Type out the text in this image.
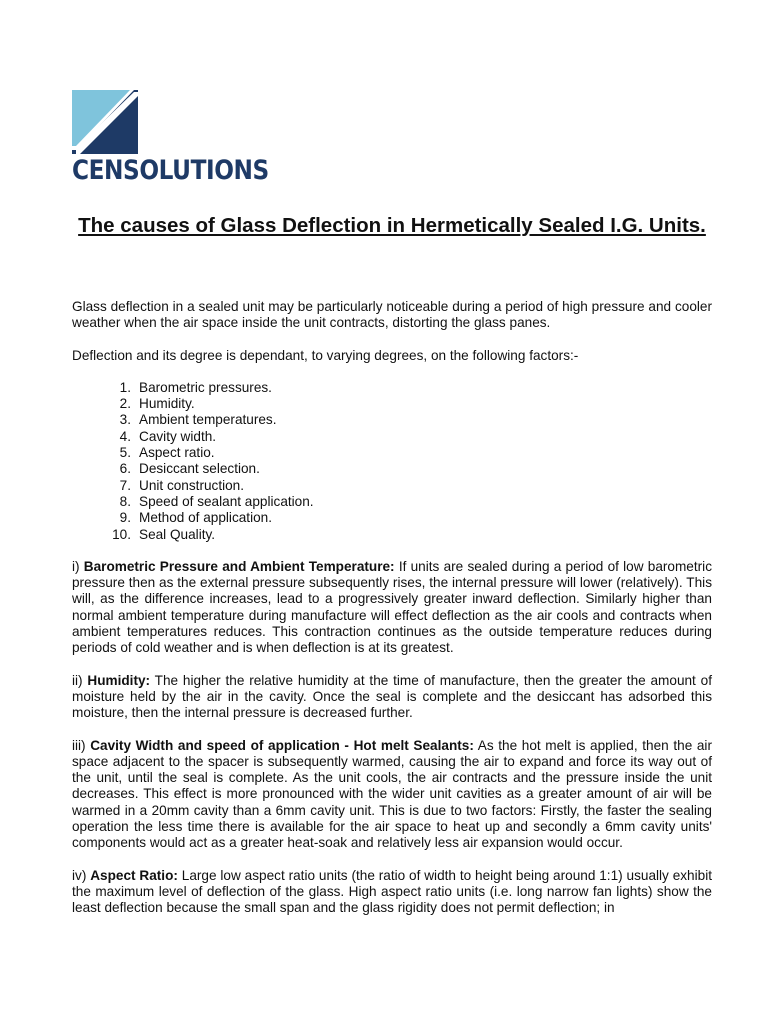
CENSOLUTIONS
The causes of Glass Deflection in Hermetically Sealed I.G. Units.

Glass deflection in a sealed unit may be particularly noticeable during a period of high pressure and cooler weather when the air space inside the unit contracts, distorting the glass panes.

Deflection and its degree is dependant, to varying degrees, on the following factors:-

1. Barometric pressures.
2. Humidity.
3. Ambient temperatures.
4. Cavity width.
5. Aspect ratio.
6. Desiccant selection.
7. Unit construction.
8. Speed of sealant application.
9. Method of application.
10. Seal Quality.

i) Barometric Pressure and Ambient Temperature: If units are sealed during a period of low barometric pressure then as the external pressure subsequently rises, the internal pressure will lower (relatively). This will, as the difference increases, lead to a progressively greater inward deflection. Similarly higher than normal ambient temperature during manufacture will effect deflection as the air cools and contracts when ambient temperatures reduces. This contraction continues as the outside temperature reduces during periods of cold weather and is when deflection is at its greatest.

ii) Humidity: The higher the relative humidity at the time of manufacture, then the greater the amount of moisture held by the air in the cavity. Once the seal is complete and the desiccant has adsorbed this moisture, then the internal pressure is decreased further.

iii) Cavity Width and speed of application - Hot melt Sealants: As the hot melt is applied, then the air space adjacent to the spacer is subsequently warmed, causing the air to expand and force its way out of the unit, until the seal is complete. As the unit cools, the air contracts and the pressure inside the unit decreases. This effect is more pronounced with the wider unit cavities as a greater amount of air will be warmed in a 20mm cavity than a 6mm cavity unit. This is due to two factors: Firstly, the faster the sealing operation the less time there is available for the air space to heat up and secondly a 6mm cavity units' components would act as a greater heat-soak and relatively less air expansion would occur.

iv) Aspect Ratio: Large low aspect ratio units (the ratio of width to height being around 1:1) usually exhibit the maximum level of deflection of the glass. High aspect ratio units (i.e. long narrow fan lights) show the least deflection because the small span and the glass rigidity does not permit deflection; in
